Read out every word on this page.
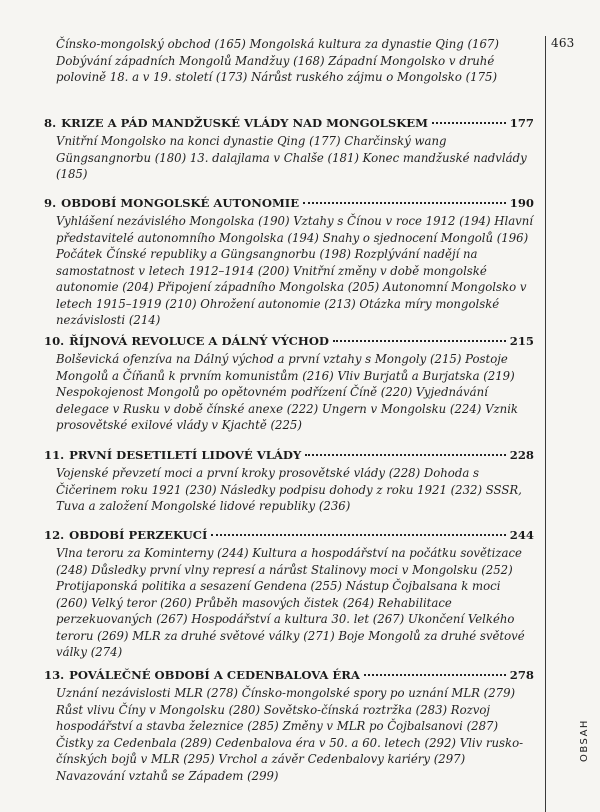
Čínsko-mongolský obchod (165) Mongolská kultura za dynastie Qing (167) Dobývání západních Mongolů Mandžuy (168) Západní Mongolsko v druhé polovině 18. a v 19. století (173) Nárůst ruského zájmu o Mongolsko (175)
8. KRIZE A PÁD MANDŽUSKÉ VLÁDY NAD MONGOLSKEM	177
Vnitřní Mongolsko na konci dynastie Qing (177) Charčinský wang Güngsangnorbu (180) 13. dalajlama v Chalše (181) Konec mandžuské nadvlády (185)
9. OBDOBÍ MONGOLSKÉ AUTONOMIE	190
Vyhlášení nezávislého Mongolska (190) Vztahy s Čínou v roce 1912 (194) Hlavní představitelé autonomního Mongolska (194) Snahy o sjednocení Mongolů (196) Počátek Čínské republiky a Güngsangnorbu (198) Rozplývání nadějí na samostatnost v letech 1912–1914 (200) Vnitřní změny v době mongolské autonomie (204) Připojení západního Mongolska (205) Autonomní Mongolsko v letech 1915–1919 (210) Ohrožení autonomie (213) Otázka míry mongolské nezávislosti (214)
10. ŘÍJNOVÁ REVOLUCE A DÁLNÝ VÝCHOD	215
Bolševická ofenzíva na Dálný východ a první vztahy s Mongoly (215) Postoje Mongolů a Číňanů k prvním komunistům (216) Vliv Burjatů a Burjatska (219) Nespokojenost Mongolů po opětovném podřízení Číně (220) Vyjednávání delegace v Rusku v době čínské anexe (222) Ungern v Mongolsku (224) Vznik prosovětské exilové vlády v Kjachtě (225)
11. PRVNÍ DESETILETÍ LIDOVÉ VLÁDY	228
Vojenské převzetí moci a první kroky prosovětské vlády (228) Dohoda s Čičerinem roku 1921 (230) Následky podpisu dohody z roku 1921 (232) SSSR, Tuva a založení Mongolské lidové republiky (236)
12. OBDOBÍ PERZEKUCÍ	244
Vlna teroru za Kominterny (244) Kultura a hospodářství na počátku sovětizace (248) Důsledky první vlny represí a nárůst Stalinovy moci v Mongolsku (252) Protijaponská politika a sesazení Gendena (255) Nástup Čojbalsana k moci (260) Velký teror (260) Průběh masových čistek (264) Rehabilitace perzekuovaných (267) Hospodářství a kultura 30. let (267) Ukončení Velkého teroru (269) MLR za druhé světové války (271) Boje Mongolů za druhé světové války (274)
13. POVÁLEČNÉ OBDOBÍ A CEDENBALOVA ÉRA	278
Uznání nezávislosti MLR (278) Čínsko-mongolské spory po uznání MLR (279) Růst vlivu Číny v Mongolsku (280) Sovětsko-čínská roztržka (283) Rozvoj hospodářství a stavba železnice (285) Změny v MLR po Čojbalsanovi (287) Čistky za Cedenbala (289) Cedenbalova éra v 50. a 60. letech (292) Vliv rusko-čínských bojů v MLR (295) Vrchol a závěr Cedenbalovy kariéry (297) Navazování vztahů se Západem (299)
463
OBSAH
